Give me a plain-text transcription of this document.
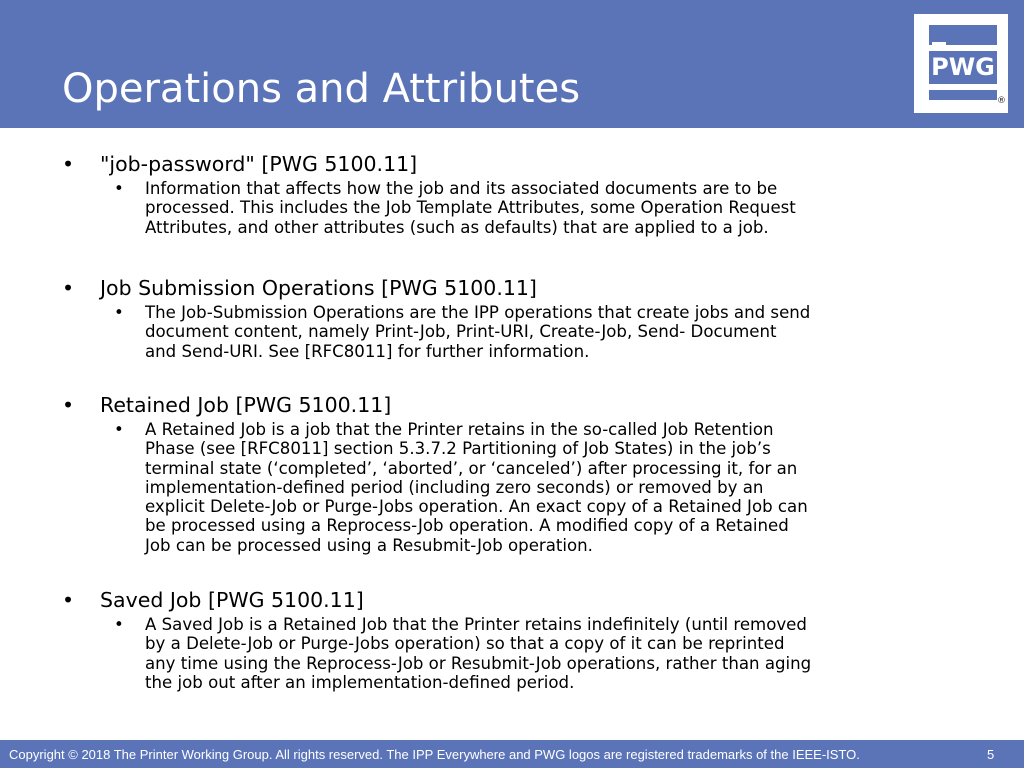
Operations and Attributes	PWG
®
• "job-password" [PWG 5100.11]
• Information that affects how the job and its associated documents are to be
processed. This includes the Job Template Attributes, some Operation Request
Attributes, and other attributes (such as defaults) that are applied to a job.
• Job Submission Operations [PWG 5100.11]
• The Job-Submission Operations are the IPP operations that create jobs and send
document content, namely Print-Job, Print-URI, Create-Job, Send- Document
and Send-URI. See [RFC8011] for further information.
• Retained Job [PWG 5100.11]
• A Retained Job is a job that the Printer retains in the so-called Job Retention
Phase (see [RFC8011] section 5.3.7.2 Partitioning of Job States) in the job’s
terminal state (‘completed’, ‘aborted’, or ‘canceled’) after processing it, for an
implementation-defined period (including zero seconds) or removed by an
explicit Delete-Job or Purge-Jobs operation. An exact copy of a Retained Job can
be processed using a Reprocess-Job operation. A modified copy of a Retained
Job can be processed using a Resubmit-Job operation.
• Saved Job [PWG 5100.11]
• A Saved Job is a Retained Job that the Printer retains indefinitely (until removed
by a Delete-Job or Purge-Jobs operation) so that a copy of it can be reprinted
any time using the Reprocess-Job or Resubmit-Job operations, rather than aging
the job out after an implementation-defined period.
Copyright © 2018 The Printer Working Group. All rights reserved. The IPP Everywhere and PWG logos are registered trademarks of the IEEE-ISTO.	5
